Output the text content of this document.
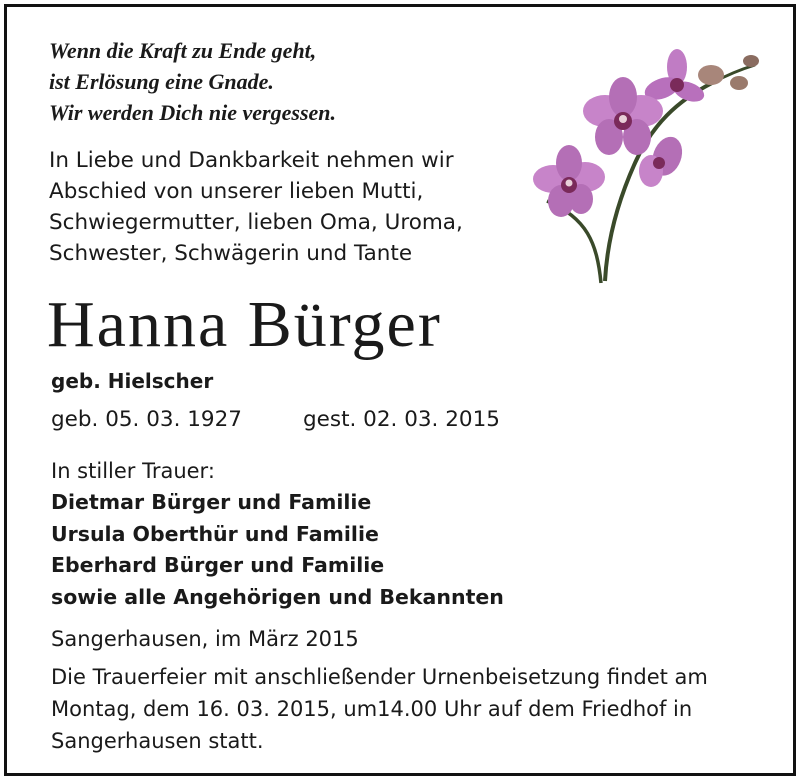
Wenn die Kraft zu Ende geht,
ist Erlösung eine Gnade.
Wir werden Dich nie vergessen.
In Liebe und Dankbarkeit nehmen wir
Abschied von unserer lieben Mutti,
Schwiegermutter, lieben Oma, Uroma,
Schwester, Schwägerin und Tante
Hanna Bürger
geb. Hielscher
geb. 05. 03. 1927	gest. 02. 03. 2015
In stiller Trauer:
Dietmar Bürger und Familie
Ursula Oberthür und Familie
Eberhard Bürger und Familie
sowie alle Angehörigen und Bekannten
Sangerhausen, im März 2015
Die Trauerfeier mit anschließender Urnenbeisetzung findet am
Montag, dem 16. 03. 2015, um14.00 Uhr auf dem Friedhof in
Sangerhausen statt.
